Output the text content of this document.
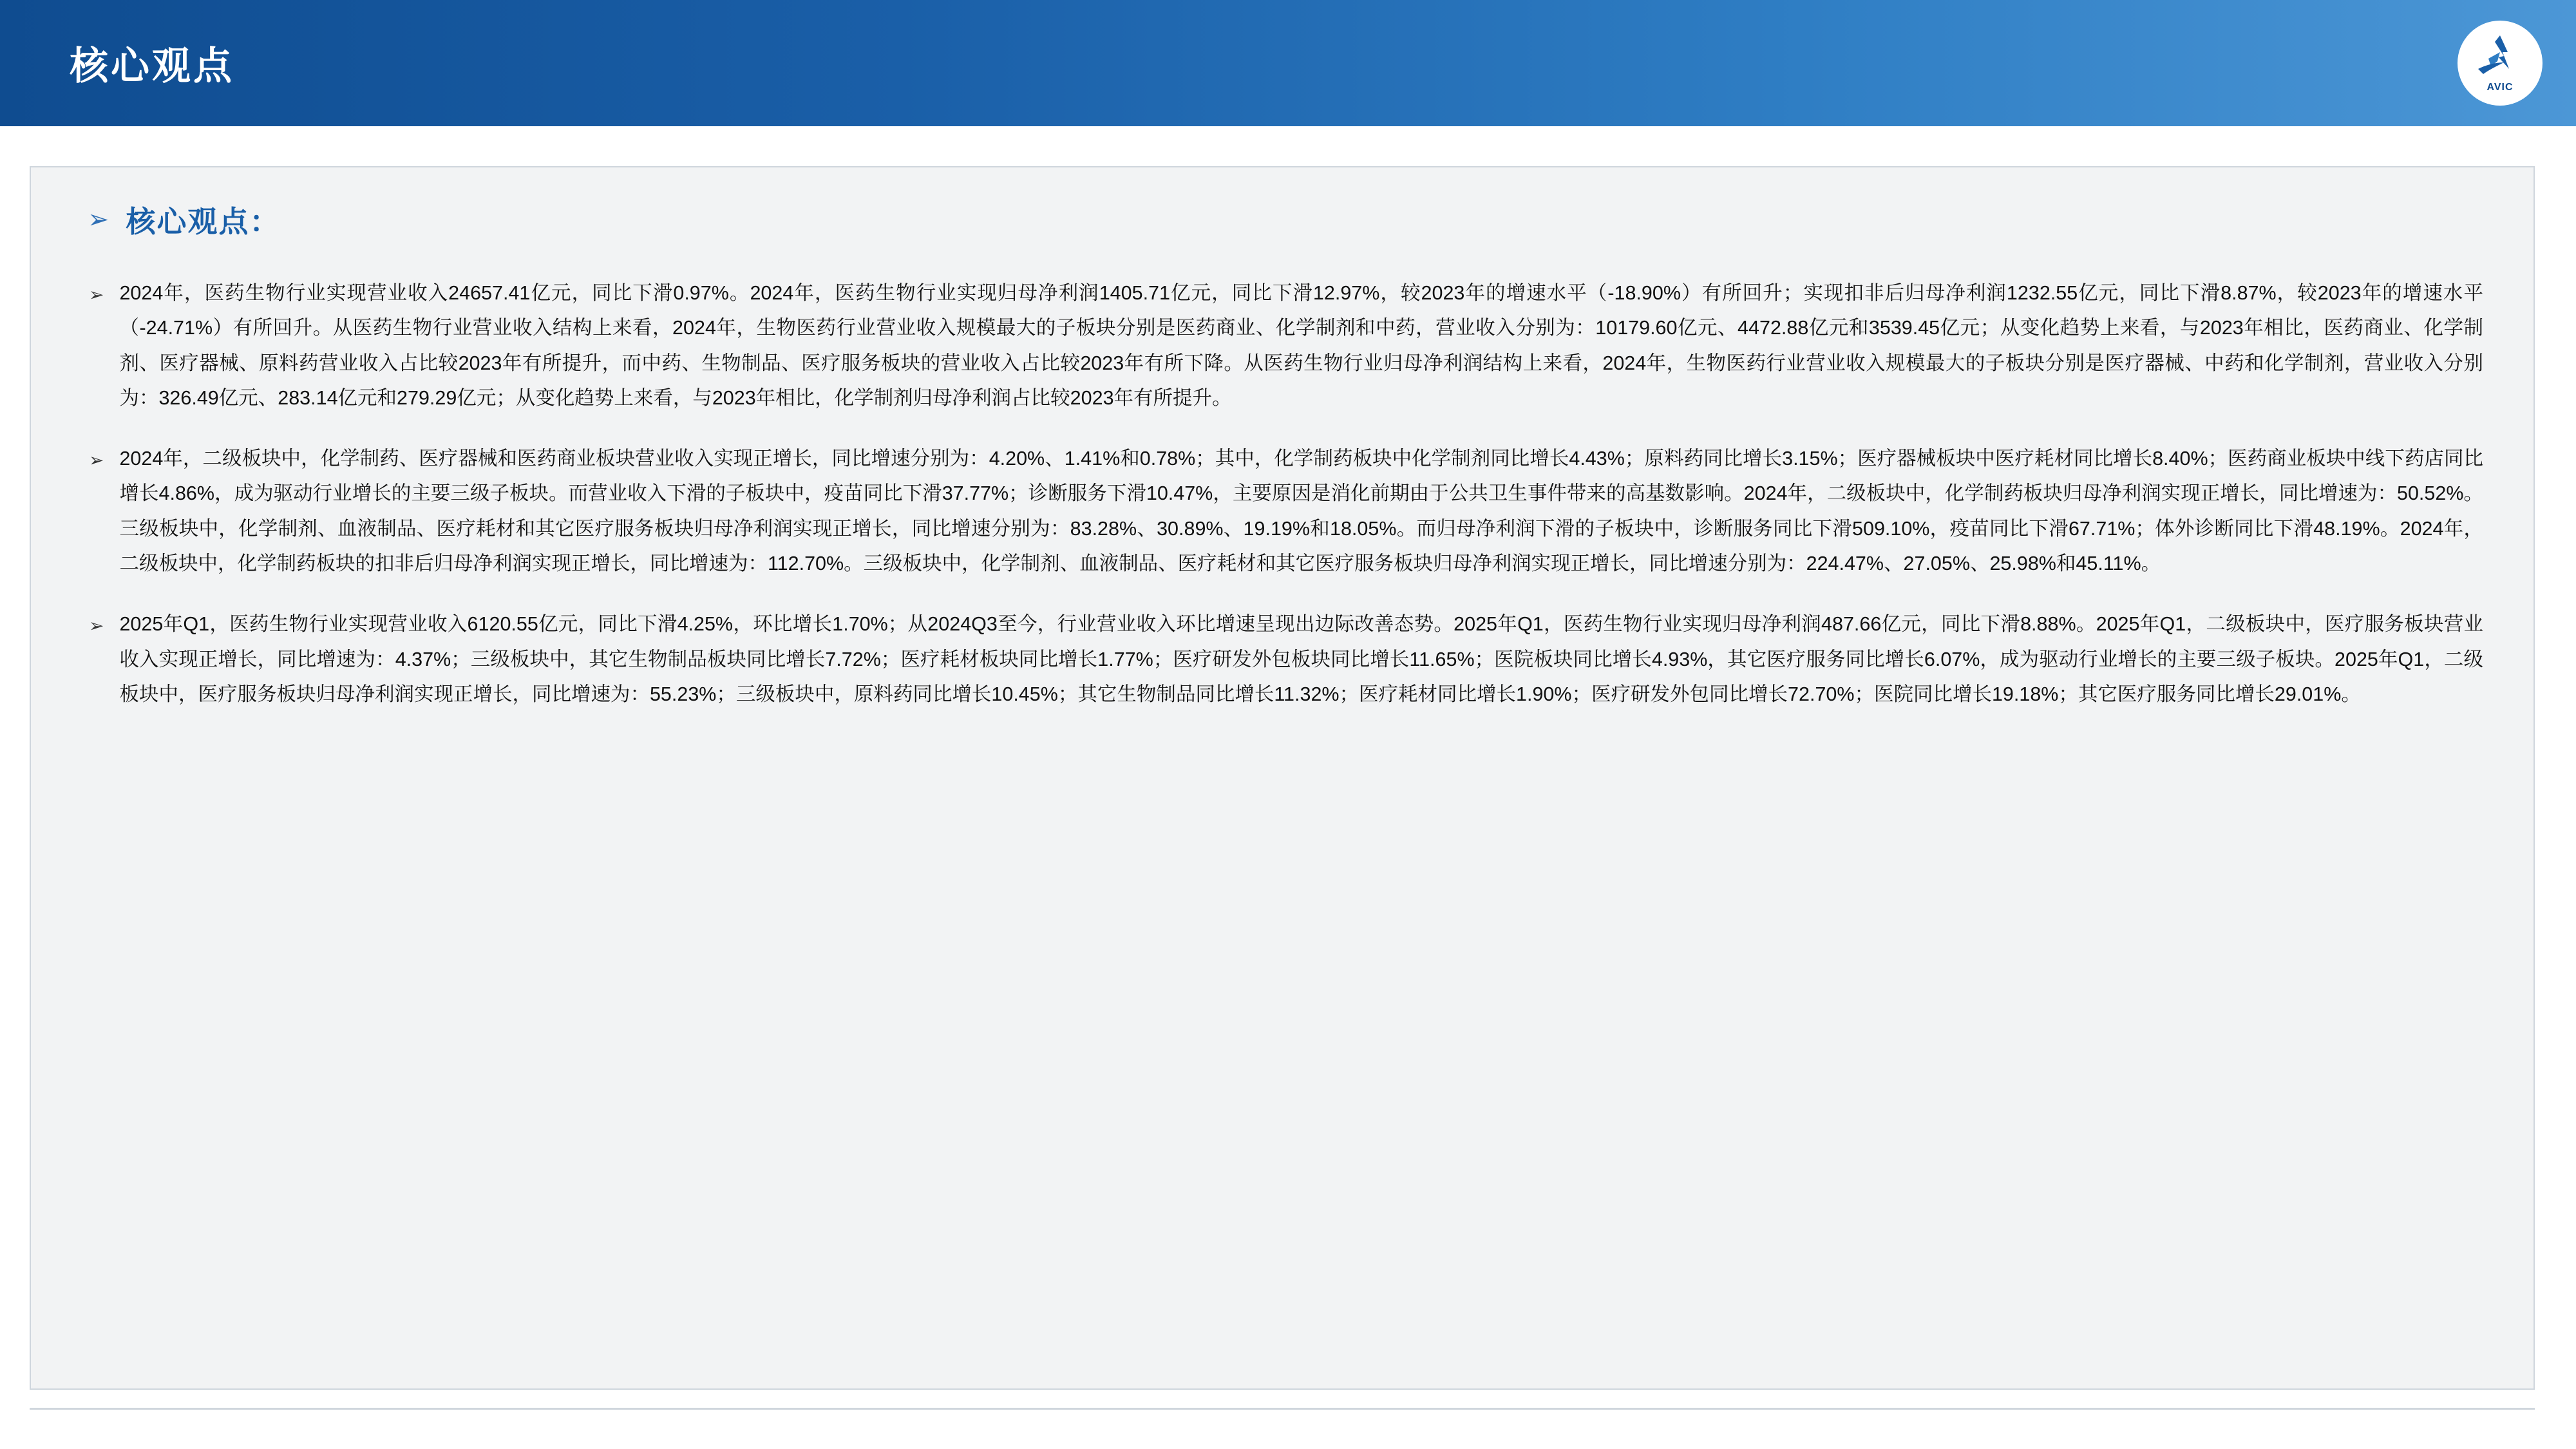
核心观点	AVIC
➢ 核心观点：
➢ 2024年，医药生物行业实现营业收入24657.41亿元，同比下滑0.97%。2024年，医药生物行业实现归母净利润1405.71亿元，同比下滑12.97%，较2023年的增速水平（-18.90%）有所回升；实现扣非后归母净利润1232.55亿元，同比下滑8.87%，较2023年的增速水平（-24.71%）有所回升。从医药生物行业营业收入结构上来看，2024年，生物医药行业营业收入规模最大的子板块分别是医药商业、化学制剂和中药，营业收入分别为：10179.60亿元、4472.88亿元和3539.45亿元；从变化趋势上来看，与2023年相比，医药商业、化学制剂、医疗器械、原料药营业收入占比较2023年有所提升，而中药、生物制品、医疗服务板块的营业收入占比较2023年有所下降。从医药生物行业归母净利润结构上来看，2024年，生物医药行业营业收入规模最大的子板块分别是医疗器械、中药和化学制剂，营业收入分别为：326.49亿元、283.14亿元和279.29亿元；从变化趋势上来看，与2023年相比，化学制剂归母净利润占比较2023年有所提升。
➢ 2024年，二级板块中，化学制药、医疗器械和医药商业板块营业收入实现正增长，同比增速分别为：4.20%、1.41%和0.78%；其中，化学制药板块中化学制剂同比增长4.43%；原料药同比增长3.15%；医疗器械板块中医疗耗材同比增长8.40%；医药商业板块中线下药店同比增长4.86%，成为驱动行业增长的主要三级子板块。而营业收入下滑的子板块中，疫苗同比下滑37.77%；诊断服务下滑10.47%，主要原因是消化前期由于公共卫生事件带来的高基数影响。2024年，二级板块中，化学制药板块归母净利润实现正增长，同比增速为：50.52%。三级板块中，化学制剂、血液制品、医疗耗材和其它医疗服务板块归母净利润实现正增长，同比增速分别为：83.28%、30.89%、19.19%和18.05%。而归母净利润下滑的子板块中，诊断服务同比下滑509.10%，疫苗同比下滑67.71%；体外诊断同比下滑48.19%。2024年，二级板块中，化学制药板块的扣非后归母净利润实现正增长，同比增速为：112.70%。三级板块中，化学制剂、血液制品、医疗耗材和其它医疗服务板块归母净利润实现正增长，同比增速分别为：224.47%、27.05%、25.98%和45.11%。
➢ 2025年Q1，医药生物行业实现营业收入6120.55亿元，同比下滑4.25%，环比增长1.70%；从2024Q3至今，行业营业收入环比增速呈现出边际改善态势。2025年Q1，医药生物行业实现归母净利润487.66亿元，同比下滑8.88%。2025年Q1，二级板块中，医疗服务板块营业收入实现正增长，同比增速为：4.37%；三级板块中，其它生物制品板块同比增长7.72%；医疗耗材板块同比增长1.77%；医疗研发外包板块同比增长11.65%；医院板块同比增长4.93%，其它医疗服务同比增长6.07%，成为驱动行业增长的主要三级子板块。2025年Q1，二级板块中，医疗服务板块归母净利润实现正增长，同比增速为：55.23%；三级板块中，原料药同比增长10.45%；其它生物制品同比增长11.32%；医疗耗材同比增长1.90%；医疗研发外包同比增长72.70%；医院同比增长19.18%；其它医疗服务同比增长29.01%。
